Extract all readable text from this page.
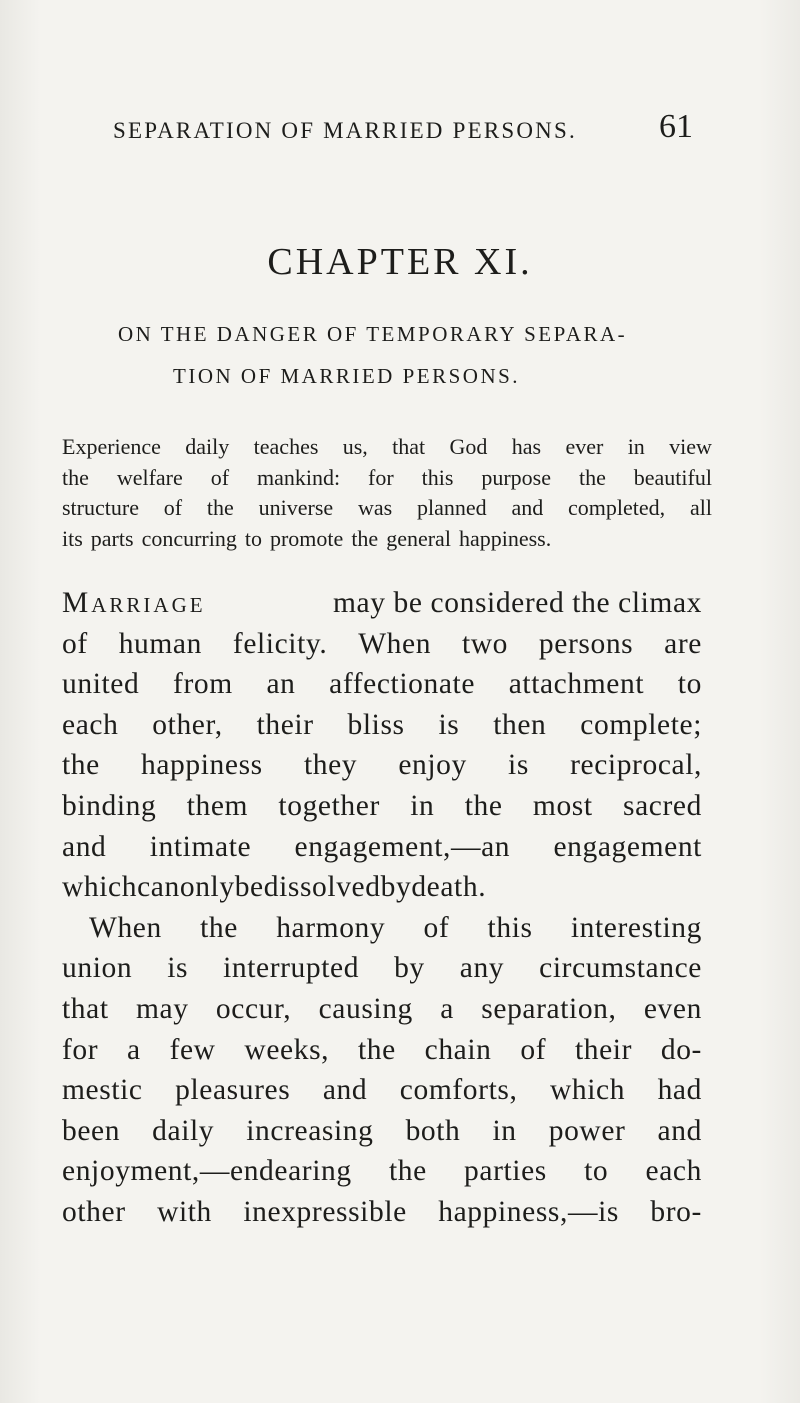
SEPARATION OF MARRIED PERSONS. 61
CHAPTER XI.
ON THE DANGER OF TEMPORARY SEPARA-
TION OF MARRIED PERSONS.
Experience daily teaches us, that God has ever in view
the welfare of mankind: for this purpose the beautiful
structure of the universe was planned and completed, all
its parts concurring to promote the general happiness.
Marriage	may be considered the climax
of human felicity. When two persons are
united from an affectionate attachment to
each other, their bliss is then complete;
the happiness they enjoy is reciprocal,
binding them together in the most sacred
and intimate engagement,—an engagement
which can only be dissolved by death.
When the harmony of this interesting
union is interrupted by any circumstance
that may occur, causing a separation, even
for a few weeks, the chain of their do-
mestic pleasures and comforts, which had
been daily increasing both in power and
enjoyment,—endearing the parties to each
other with inexpressible happiness,—is bro-
